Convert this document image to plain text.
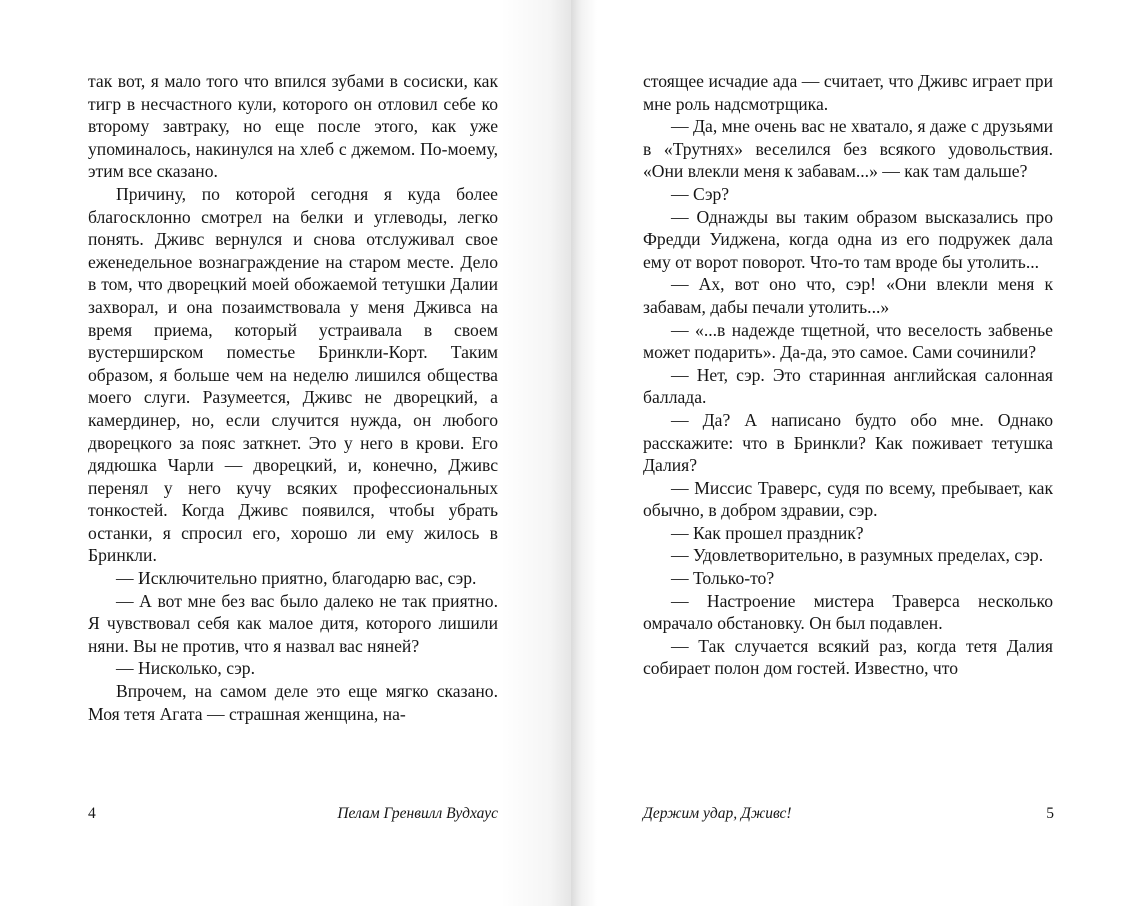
так вот, я мало того что впился зубами в сосиски, как тигр в несчастного кули, которого он отловил себе ко второму завтраку, но еще после этого, как уже упоминалось, накинулся на хлеб с джемом. По-моему, этим все сказано.

Причину, по которой сегодня я куда более благосклонно смотрел на белки и углеводы, легко понять. Дживс вернулся и снова отслуживал свое еженедельное вознаграждение на старом месте. Дело в том, что дворецкий моей обожаемой тетушки Далии захворал, и она позаимствовала у меня Дживса на время приема, который устраивала в своем вустерширском поместье Бринкли-Корт. Таким образом, я больше чем на неделю лишился общества моего слуги. Разумеется, Дживс не дворецкий, а камердинер, но, если случится нужда, он любого дворецкого за пояс заткнет. Это у него в крови. Его дядюшка Чарли — дворецкий, и, конечно, Дживс перенял у него кучу всяких профессиональных тонкостей. Когда Дживс появился, чтобы убрать останки, я спросил его, хорошо ли ему жилось в Бринкли.

— Исключительно приятно, благодарю вас, сэр.

— А вот мне без вас было далеко не так приятно. Я чувствовал себя как малое дитя, которого лишили няни. Вы не против, что я назвал вас няней?

— Нисколько, сэр.

Впрочем, на самом деле это еще мягко сказано. Моя тетя Агата — страшная женщина, на-

4	Пелам Гренвилл Вудхаус

стоящее исчадие ада — считает, что Дживс играет при мне роль надсмотрщика.

— Да, мне очень вас не хватало, я даже с друзьями в «Трутнях» веселился без всякого удовольствия. «Они влекли меня к забавам...» — как там дальше?

— Сэр?

— Однажды вы таким образом высказались про Фредди Уиджена, когда одна из его подружек дала ему от ворот поворот. Что-то там вроде бы утолить...

— Ах, вот оно что, сэр! «Они влекли меня к забавам, дабы печали утолить...»

— «...в надежде тщетной, что веселость забвенье может подарить». Да-да, это самое. Сами сочинили?

— Нет, сэр. Это старинная английская салонная баллада.

— Да? А написано будто обо мне. Однако расскажите: что в Бринкли? Как поживает тетушка Далия?

— Миссис Траверс, судя по всему, пребывает, как обычно, в добром здравии, сэр.

— Как прошел праздник?

— Удовлетворительно, в разумных пределах, сэр.

— Только-то?

— Настроение мистера Траверса несколько омрачало обстановку. Он был подавлен.

— Так случается всякий раз, когда тетя Далия собирает полон дом гостей. Известно, что

Держим удар, Дживс!	5
